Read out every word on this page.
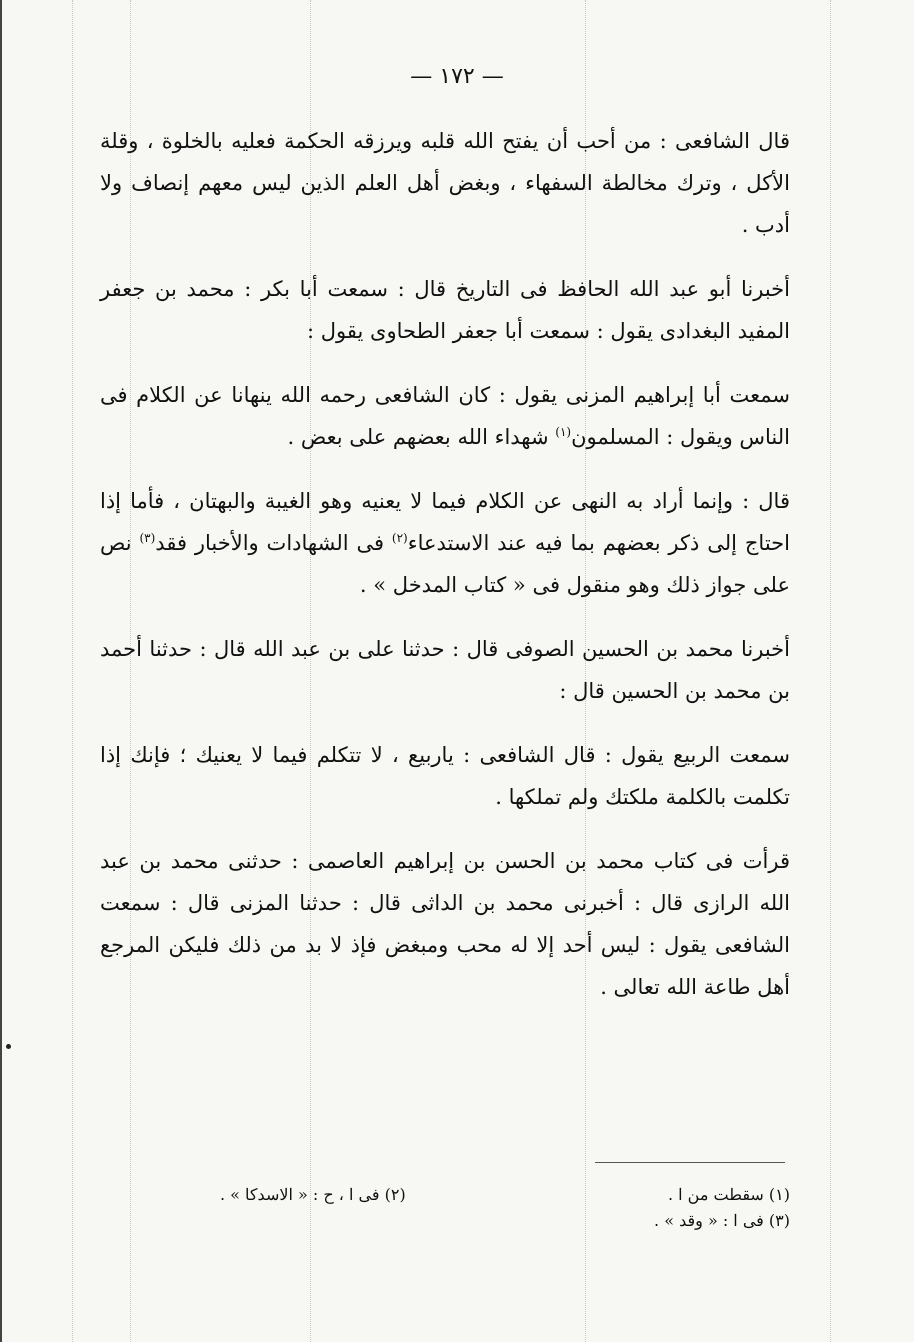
— ١٧٢ —

قال الشافعى : من أحب أن يفتح الله قلبه ويرزقه الحكمة فعليه بالخلوة ، وقلة الأكل ، وترك مخالطة السفهاء ، وبغض أهل العلم الذين ليس معهم إنصاف ولا أدب .

أخبرنا أبو عبد الله الحافظ فى التاريخ قال : سمعت أبا بكر : محمد بن جعفر المفيد البغدادى يقول : سمعت أبا جعفر الطحاوى يقول :

سمعت أبا إبراهيم المزنى يقول : كان الشافعى رحمه الله ينهانا عن الكلام فى الناس ويقول : المسلمون$^{(١)}$ شهداء الله بعضهم على بعض .

قال : وإنما أراد به النهى عن الكلام فيما لا يعنيه وهو الغيبة والبهتان ، فأما إذا احتاج إلى ذكر بعضهم بما فيه عند الاستدعاء$^{(٢)}$ فى الشهادات والأخبار فقد$^{(٣)}$ نص على جواز ذلك وهو منقول فى « كتاب المدخل » .

أخبرنا محمد بن الحسين الصوفى قال : حدثنا على بن عبد الله قال : حدثنا أحمد بن محمد بن الحسين قال :

سمعت الربيع يقول : قال الشافعى : ياربيع ، لا تتكلم فيما لا يعنيك ؛ فإنك إذا تكلمت بالكلمة ملكتك ولم تملكها .

قرأت فى كتاب محمد بن الحسن بن إبراهيم العاصمى : حدثنى محمد بن عبد الله الرازى قال : أخبرنى محمد بن الداثى قال : حدثنا المزنى قال : سمعت الشافعى يقول : ليس أحد إلا له محب ومبغض فإذ لا بد من ذلك فليكن المرجع أهل طاعة الله تعالى .

(١) سقطت من ا .
(٢) فى ا ، ح : « الاسدكا » .
(٣) فى ا : « وقد » .
